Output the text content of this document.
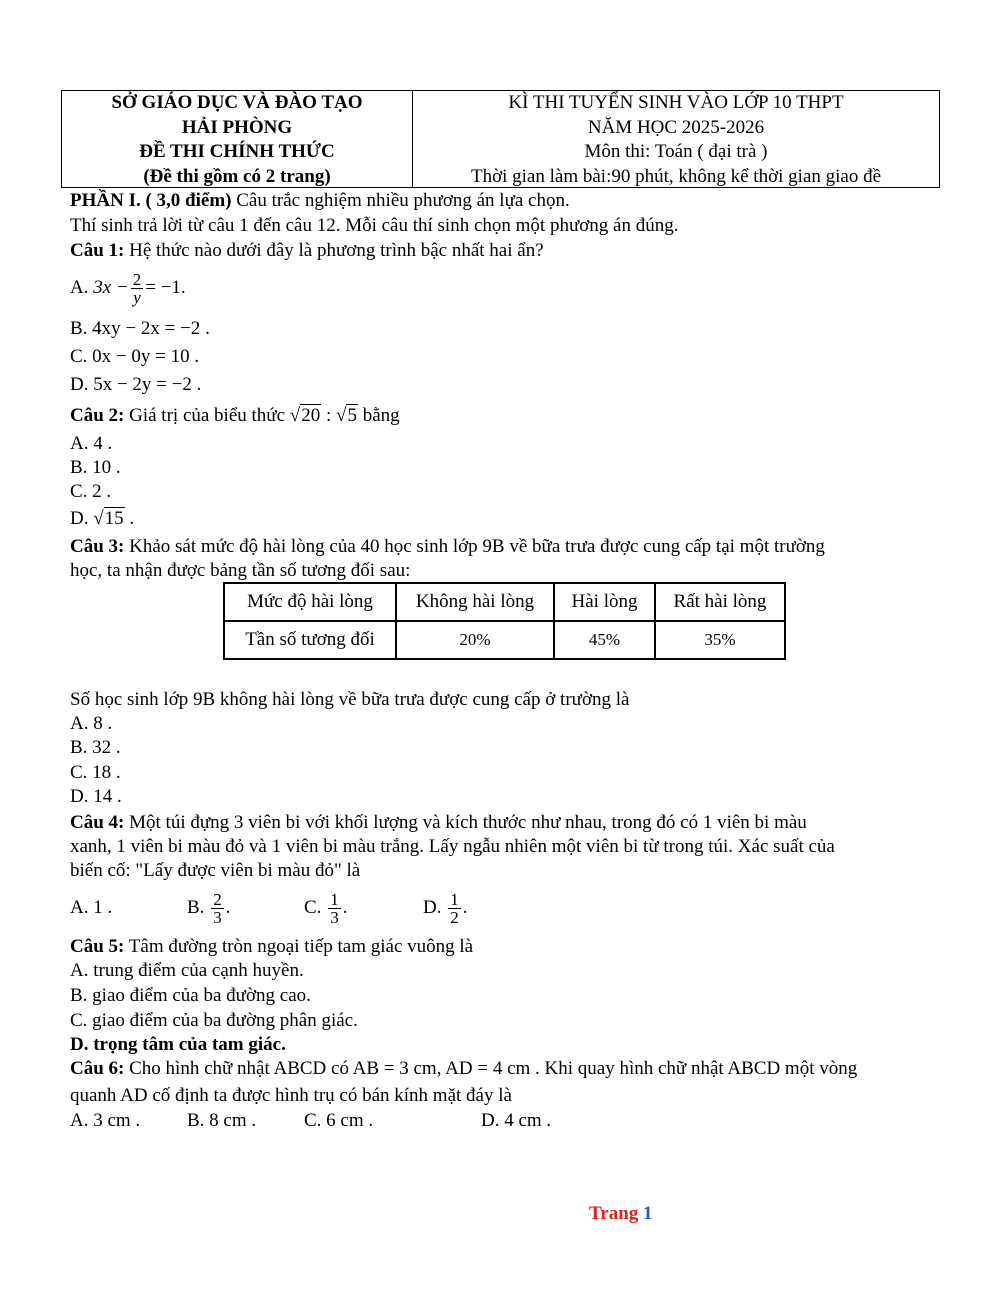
SỞ GIÁO DỤC VÀ ĐÀO TẠO
HẢI PHÒNG
ĐỀ THI CHÍNH THỨC
(Đề thi gồm có 2 trang)
KÌ THI TUYỂN SINH VÀO LỚP 10 THPT
NĂM HỌC 2025-2026
Môn thi: Toán ( đại trà )
Thời gian làm bài:90 phút, không kể thời gian giao đề
PHẦN I. ( 3,0 điểm) Câu trắc nghiệm nhiều phương án lựa chọn.
Thí sinh trả lời từ câu 1 đến câu 12. Mỗi câu thí sinh chọn một phương án đúng.
Câu 1: Hệ thức nào dưới đây là phương trình bậc nhất hai ẩn?
A. $3x - \frac{2}{y} = -1$.
B. 4xy − 2x = −2 .
C. 0x − 0y = 10 .
D. 5x − 2y = −2 .
Câu 2: Giá trị của biểu thức √20 : √5 bằng
A. 4 .
B. 10 .
C. 2 .
D. √15 .
Câu 3: Khảo sát mức độ hài lòng của 40 học sinh lớp 9B về bữa trưa được cung cấp tại một trường
học, ta nhận được bảng tần số tương đối sau:
Mức độ hài lòng	Không hài lòng	Hài lòng	Rất hài lòng
Tần số tương đối	20%	45%	35%
Số học sinh lớp 9B không hài lòng về bữa trưa được cung cấp ở trường là
A. 8 .
B. 32 .
C. 18 .
D. 14 .
Câu 4: Một túi đựng 3 viên bi với khối lượng và kích thước như nhau, trong đó có 1 viên bi màu
xanh, 1 viên bi màu đỏ và 1 viên bi màu trắng. Lấy ngẫu nhiên một viên bi từ trong túi. Xác suất của
biến cố: "Lấy được viên bi màu đỏ" là
A. 1 .	B. $\frac{2}{3}$ .	C. $\frac{1}{3}$ .	D. $\frac{1}{2}$ .
Câu 5: Tâm đường tròn ngoại tiếp tam giác vuông là
A. trung điểm của cạnh huyền.
B. giao điểm của ba đường cao.
C. giao điểm của ba đường phân giác.
D. trọng tâm của tam giác.
Câu 6: Cho hình chữ nhật ABCD có AB = 3 cm, AD = 4 cm . Khi quay hình chữ nhật ABCD một vòng
quanh AD cố định ta được hình trụ có bán kính mặt đáy là
A. 3 cm . B. 8 cm .	C. 6 cm .	D. 4 cm .
Trang 1
